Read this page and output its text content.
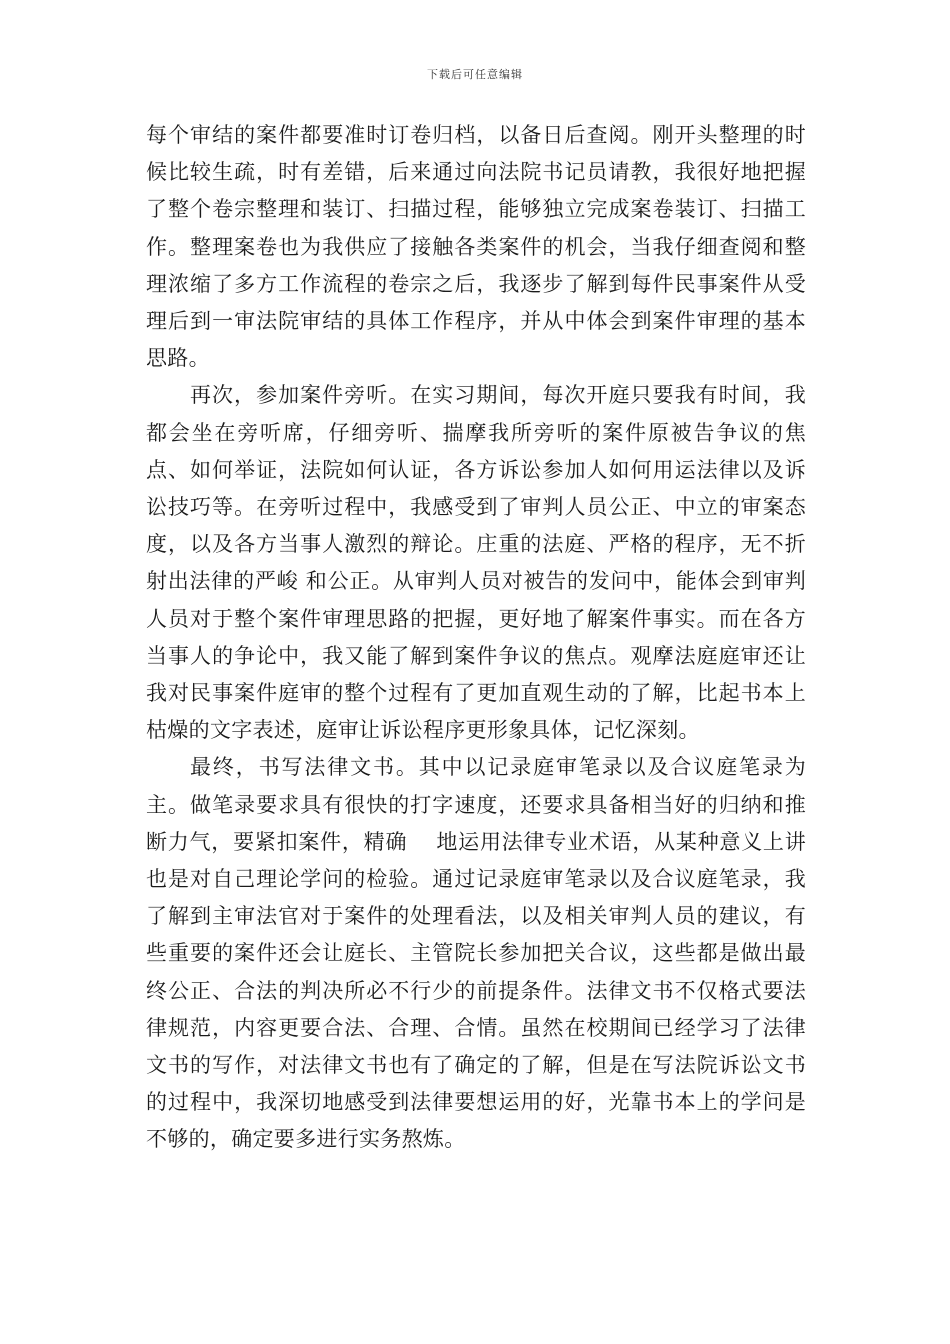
下载后可任意编辑

每个审结的案件都要准时订卷归档，以备日后查阅。刚开头整理的时候比较生疏，时有差错，后来通过向法院书记员请教，我很好地把握了整个卷宗整理和装订、扫描过程，能够独立完成案卷装订、扫描工作。整理案卷也为我供应了接触各类案件的机会，当我仔细查阅和整理浓缩了多方工作流程的卷宗之后，我逐步了解到每件民事案件从受理后到一审法院审结的具体工作程序，并从中体会到案件审理的基本思路。

再次，参加案件旁听。在实习期间，每次开庭只要我有时间，我都会坐在旁听席，仔细旁听、揣摩我所旁听的案件原被告争议的焦点、如何举证，法院如何认证，各方诉讼参加人如何用运法律以及诉讼技巧等。在旁听过程中，我感受到了审判人员公正、中立的审案态度，以及各方当事人激烈的辩论。庄重的法庭、严格的程序，无不折射出法律的严峻 和公正。从审判人员对被告的发问中，能体会到审判人员对于整个案件审理思路的把握，更好地了解案件事实。而在各方当事人的争论中，我又能了解到案件争议的焦点。观摩法庭庭审还让我对民事案件庭审的整个过程有了更加直观生动的了解，比起书本上枯燥的文字表述，庭审让诉讼程序更形象具体，记忆深刻。

最终，书写法律文书。其中以记录庭审笔录以及合议庭笔录为主。做笔录要求具有很快的打字速度，还要求具备相当好的归纳和推断力气，要紧扣案件，精确　 地运用法律专业术语，从某种意义上讲也是对自己理论学问的检验。通过记录庭审笔录以及合议庭笔录，我了解到主审法官对于案件的处理看法，以及相关审判人员的建议，有些重要的案件还会让庭长、主管院长参加把关合议，这些都是做出最终公正、合法的判决所必不行少的前提条件。法律文书不仅格式要法律规范，内容更要合法、合理、合情。虽然在校期间已经学习了法律文书的写作，对法律文书也有了确定的了解，但是在写法院诉讼文书的过程中，我深切地感受到法律要想运用的好，光靠书本上的学问是不够的，确定要多进行实务熬炼。
